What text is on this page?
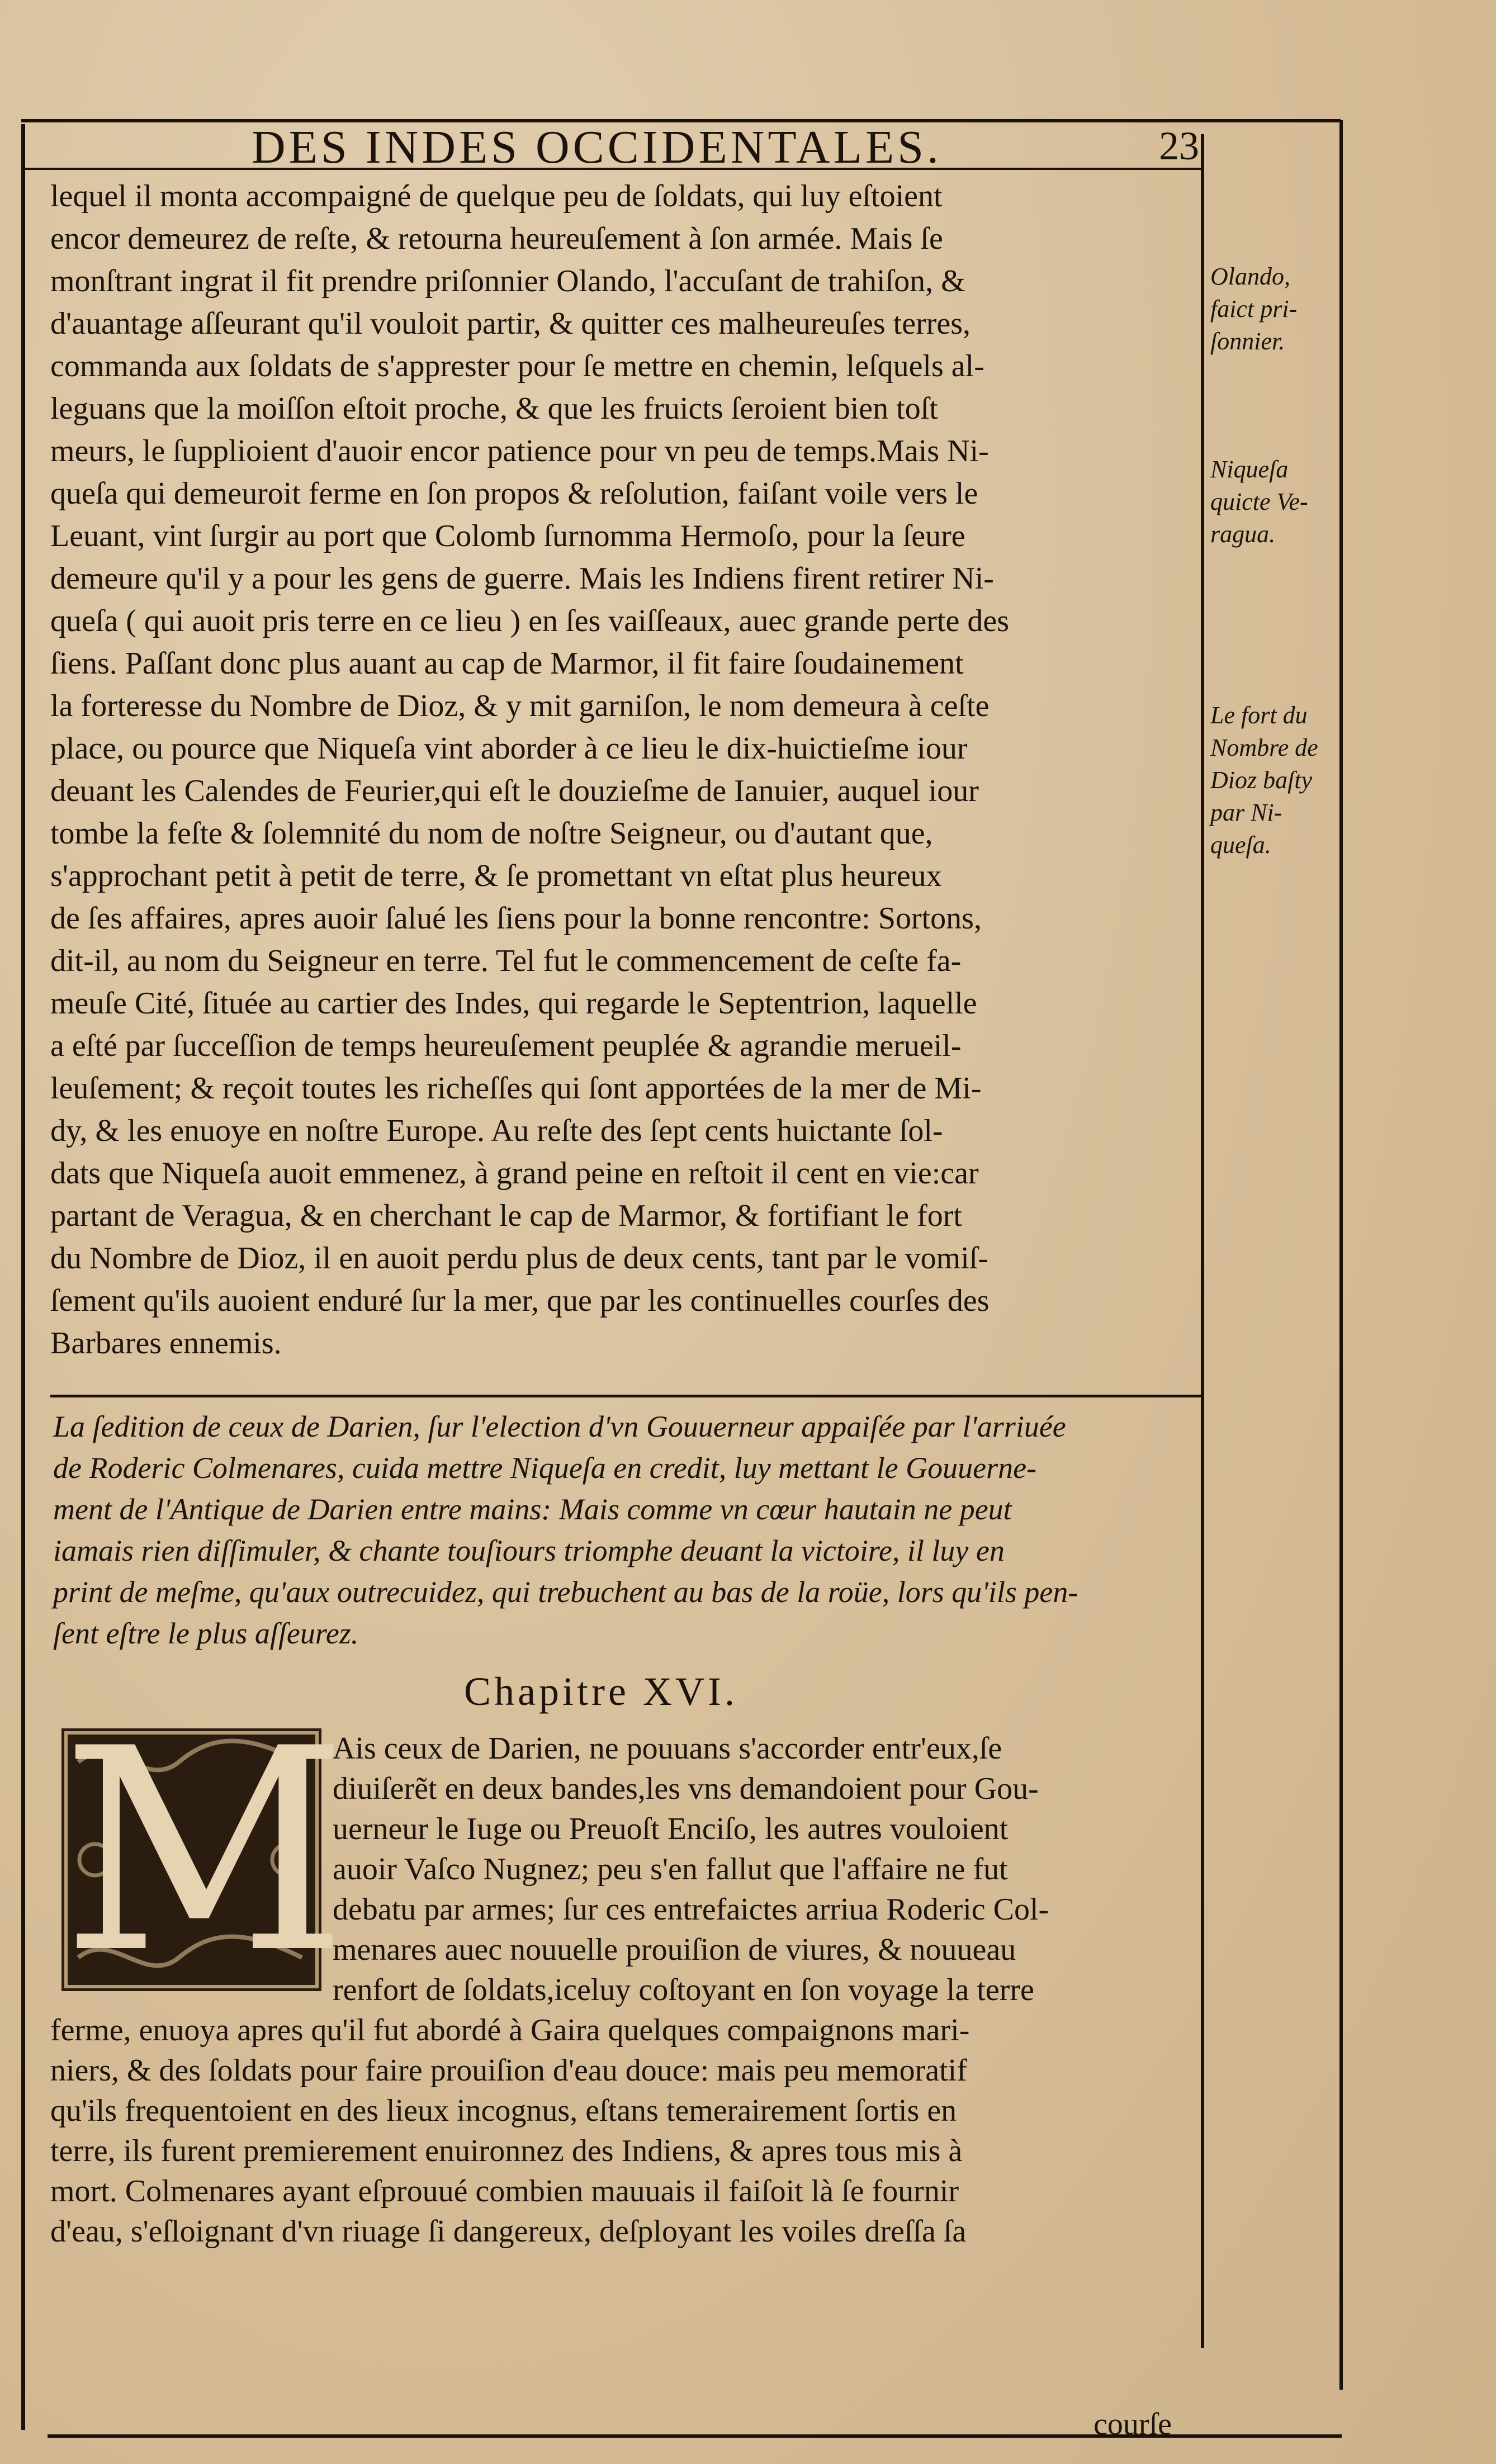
DES INDES OCCIDENTALES.	23
lequel il monta accompaigné de quelque peu de ſoldats, qui luy eſtoient
encor demeurez de reſte, & retourna heureuſement à ſon armée. Mais ſe
monſtrant ingrat il fit prendre priſonnier Olando, l'accuſant de trahiſon, &
d'auantage aſſeurant qu'il vouloit partir, & quitter ces malheureuſes terres,
commanda aux ſoldats de s'apprester pour ſe mettre en chemin, leſquels al-
leguans que la moiſſon eſtoit proche, & que les fruicts ſeroient bien toſt
meurs, le ſupplioient d'auoir encor patience pour vn peu de temps.Mais Ni-
queſa qui demeuroit ferme en ſon propos & reſolution, faiſant voile vers le
Leuant, vint ſurgir au port que Colomb ſurnomma Hermoſo, pour la ſeure
demeure qu'il y a pour les gens de guerre. Mais les Indiens firent retirer Ni-
queſa ( qui auoit pris terre en ce lieu ) en ſes vaiſſeaux, auec grande perte des
ſiens. Paſſant donc plus auant au cap de Marmor, il fit faire ſoudainement
la forteresse du Nombre de Dioz, & y mit garniſon, le nom demeura à ceſte
place, ou pource que Niqueſa vint aborder à ce lieu le dix-huictieſme iour
deuant les Calendes de Feurier,qui eſt le douzieſme de Ianuier, auquel iour
tombe la feſte & ſolemnité du nom de noſtre Seigneur, ou d'autant que,
s'approchant petit à petit de terre, & ſe promettant vn eſtat plus heureux
de ſes affaires, apres auoir ſalué les ſiens pour la bonne rencontre: Sortons,
dit-il, au nom du Seigneur en terre. Tel fut le commencement de ceſte fa-
meuſe Cité, ſituée au cartier des Indes, qui regarde le Septentrion, laquelle
a eſté par ſucceſſion de temps heureuſement peuplée & agrandie merueil-
leuſement; & reçoit toutes les richeſſes qui ſont apportées de la mer de Mi-
dy, & les enuoye en noſtre Europe. Au reſte des ſept cents huictante ſol-
dats que Niqueſa auoit emmenez, à grand peine en reſtoit il cent en vie:car
partant de Veragua, & en cherchant le cap de Marmor, & fortifiant le fort
du Nombre de Dioz, il en auoit perdu plus de deux cents, tant par le vomiſ-
ſement qu'ils auoient enduré ſur la mer, que par les continuelles courſes des
Barbares ennemis.
Olando,
faict pri-
ſonnier.
Niqueſa
quicte Ve-
ragua.
Le fort du
Nombre de
Dioz baſty
par Ni-
queſa.
La ſedition de ceux de Darien, ſur l'election d'vn Gouuerneur appaiſée par l'arriuée
de Roderic Colmenares, cuida mettre Niqueſa en credit, luy mettant le Gouuerne-
ment de l'Antique de Darien entre mains: Mais comme vn cœur hautain ne peut
iamais rien diſſimuler, & chante touſiours triomphe deuant la victoire, il luy en
print de meſme, qu'aux outrecuidez, qui trebuchent au bas de la roüe, lors qu'ils pen-
ſent eſtre le plus aſſeurez.
Chapitre XVI.
M
Ais ceux de Darien, ne pouuans s'accorder entr'eux,ſe
diuiſerẽt en deux bandes,les vns demandoient pour Gou-
uerneur le Iuge ou Preuoſt Enciſo, les autres vouloient
auoir Vaſco Nugnez; peu s'en fallut que l'affaire ne fut
debatu par armes; ſur ces entrefaictes arriua Roderic Col-
menares auec nouuelle prouiſion de viures, & nouueau
renfort de ſoldats,iceluy coſtoyant en ſon voyage la terre
ferme, enuoya apres qu'il fut abordé à Gaira quelques compaignons mari-
niers, & des ſoldats pour faire prouiſion d'eau douce: mais peu memoratif
qu'ils frequentoient en des lieux incognus, eſtans temerairement ſortis en
terre, ils furent premierement enuironnez des Indiens, & apres tous mis à
mort. Colmenares ayant eſprouué combien mauuais il faiſoit là ſe fournir
d'eau, s'eſloignant d'vn riuage ſi dangereux, deſployant les voiles dreſſa ſa
courſe
